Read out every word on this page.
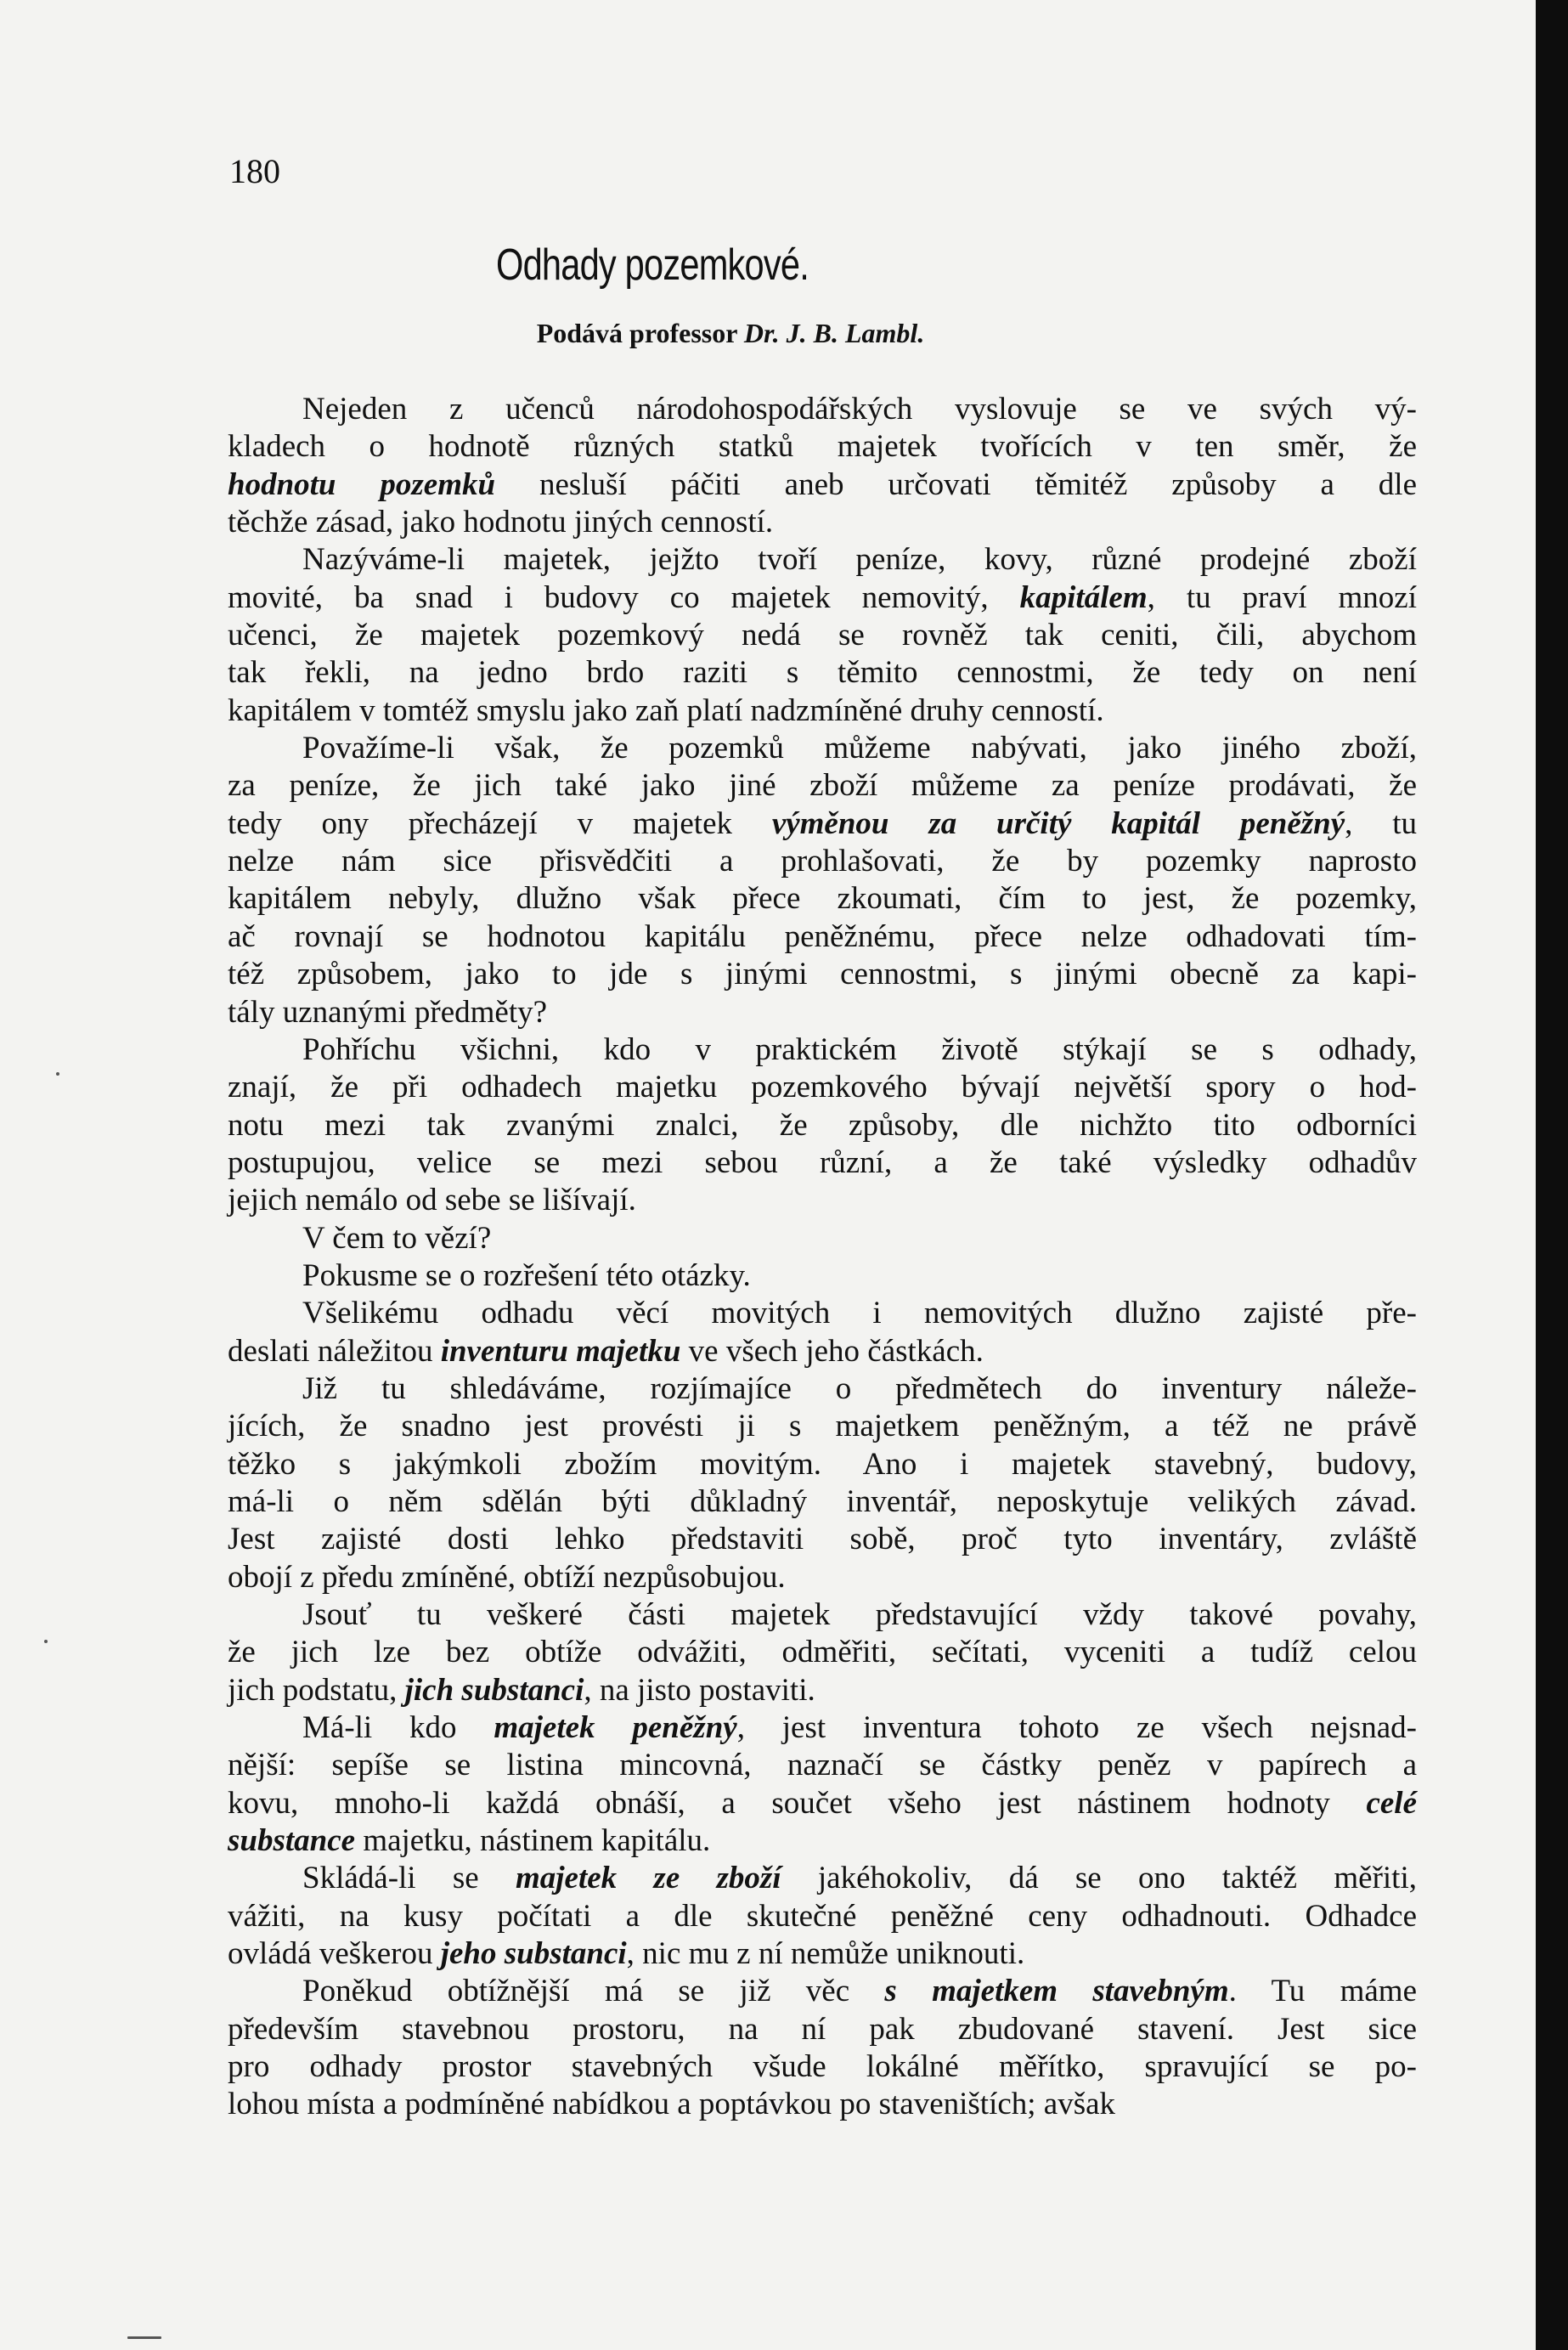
180
Odhady pozemkové.
Podává professor Dr. J. B. Lambl.

Nejeden z učenců národohospodářských vyslovuje se ve svých vý-

kladech o hodnotě různých statků majetek tvořících v ten směr, že

hodnotu pozemků nesluší páčiti aneb určovati těmitéž způsoby a dle

těchže zásad, jako hodnotu jiných cenností.

Nazýváme-li majetek, jejžto tvoří peníze, kovy, různé prodejné zboží

movité, ba snad i budovy co majetek nemovitý, kapitálem, tu praví mnozí

učenci, že majetek pozemkový nedá se rovněž tak ceniti, čili, abychom

tak řekli, na jedno brdo raziti s těmito cennostmi, že tedy on není

kapitálem v tomtéž smyslu jako zaň platí nadzmíněné druhy cenností.

Považíme-li však, že pozemků můžeme nabývati, jako jiného zboží,

za peníze, že jich také jako jiné zboží můžeme za peníze prodávati, že

tedy ony přecházejí v majetek výměnou za určitý kapitál peněžný, tu

nelze nám sice přisvědčiti a prohlašovati, že by pozemky naprosto

kapitálem nebyly, dlužno však přece zkoumati, čím to jest, že pozemky,

ač rovnají se hodnotou kapitálu peněžnému, přece nelze odhadovati tím-

též způsobem, jako to jde s jinými cennostmi, s jinými obecně za kapi-

tály uznanými předměty?

Pohříchu všichni, kdo v praktickém životě stýkají se s odhady,

znají, že při odhadech majetku pozemkového bývají největší spory o hod-

notu mezi tak zvanými znalci, že způsoby, dle nichžto tito odborníci

postupujou, velice se mezi sebou různí, a že také výsledky odhadův

jejich nemálo od sebe se lišívají.

V čem to vězí?

Pokusme se o rozřešení této otázky.

Všelikému odhadu věcí movitých i nemovitých dlužno zajisté pře-

deslati náležitou inventuru majetku ve všech jeho částkách.

Již tu shledáváme, rozjímajíce o předmětech do inventury náleže-

jících, že snadno jest provésti ji s majetkem peněžným, a též ne právě

těžko s jakýmkoli zbožím movitým. Ano i majetek stavebný, budovy,

má-li o něm sdělán býti důkladný inventář, neposkytuje velikých závad.

Jest zajisté dosti lehko představiti sobě, proč tyto inventáry, zvláště

obojí z předu zmíněné, obtíží nezpůsobujou.

Jsouť tu veškeré části majetek představující vždy takové povahy,

že jich lze bez obtíže odvážiti, odměřiti, sečítati, vyceniti a tudíž celou

jich podstatu, jich substanci, na jisto postaviti.

Má-li kdo majetek peněžný, jest inventura tohoto ze všech nejsnad-

nější: sepíše se listina mincovná, naznačí se částky peněz v papírech a

kovu, mnoho-li každá obnáší, a součet všeho jest nástinem hodnoty celé

substance majetku, nástinem kapitálu.

Skládá-li se majetek ze zboží jakéhokoliv, dá se ono taktéž měřiti,

vážiti, na kusy počítati a dle skutečné peněžné ceny odhadnouti. Odhadce

ovládá veškerou jeho substanci, nic mu z ní nemůže uniknouti.

Poněkud obtížnější má se již věc s majetkem stavebným. Tu máme

především stavebnou prostoru, na ní pak zbudované stavení. Jest sice

pro odhady prostor stavebných všude lokálné měřítko, spravující se po-

lohou místa a podmíněné nabídkou a poptávkou po staveništích; avšak
